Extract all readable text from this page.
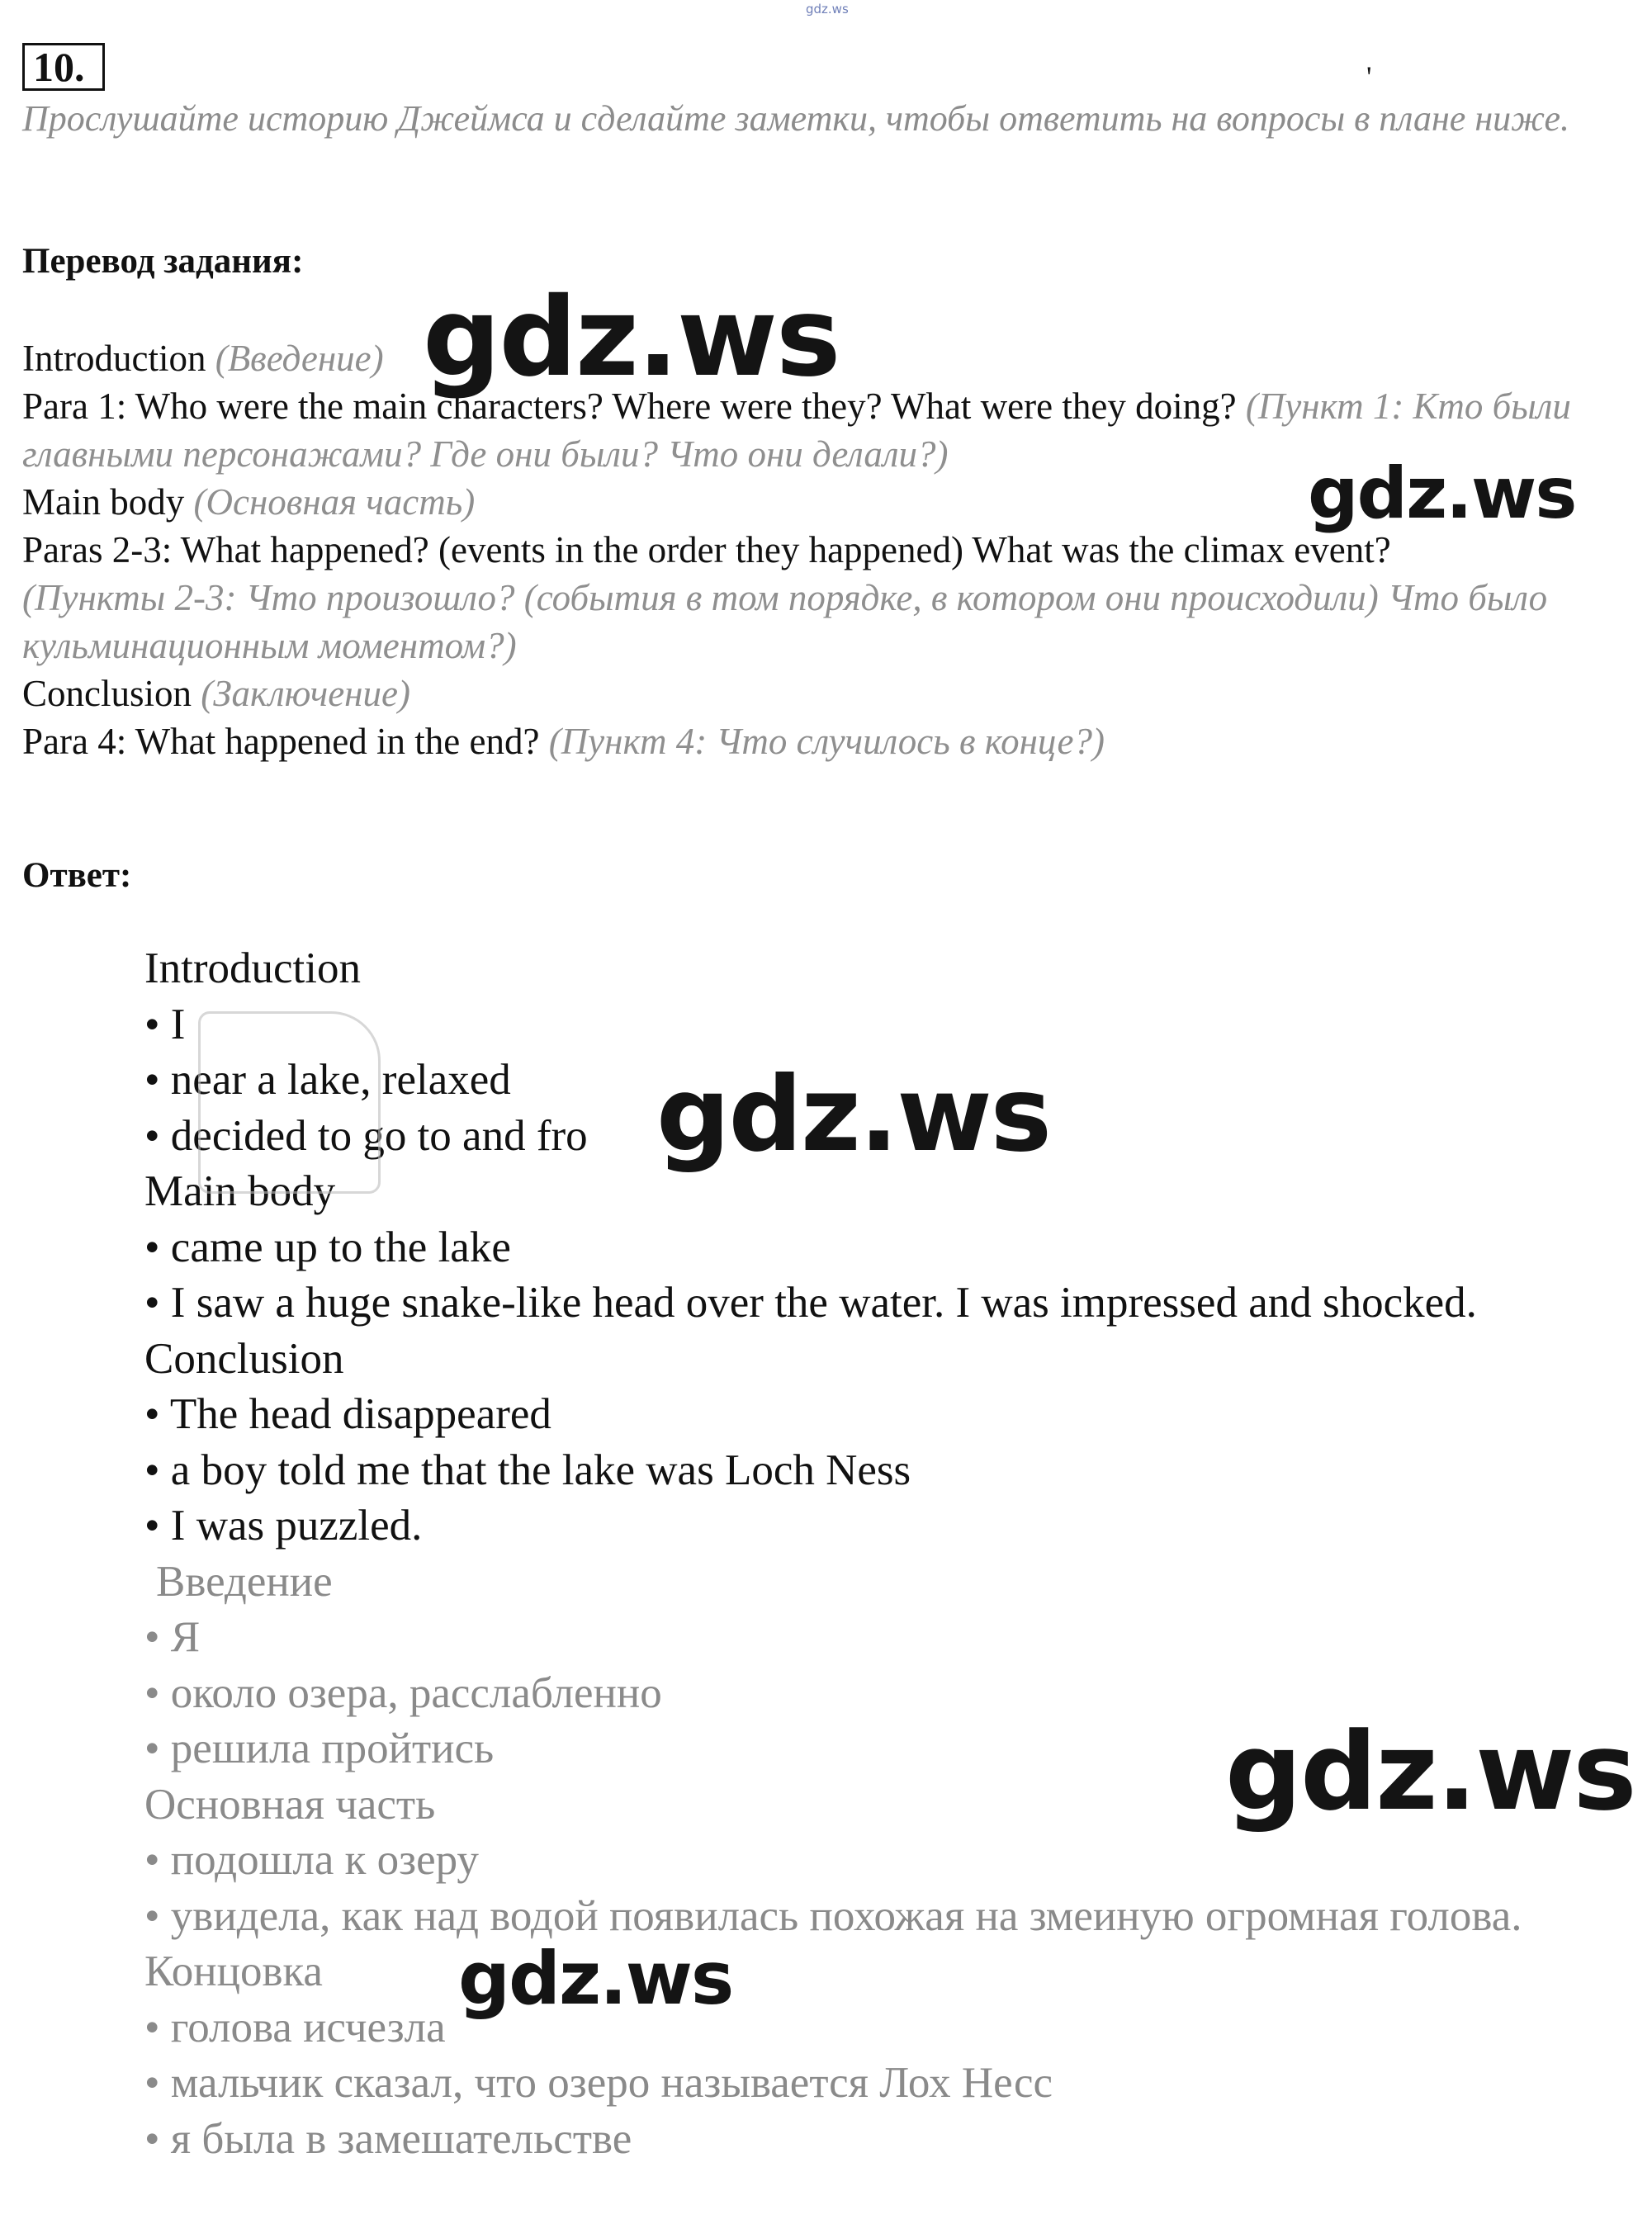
gdz.ws
10.	'
Прослушайте историю Джеймса и сделайте заметки, чтобы ответить на вопросы в плане ниже.
Перевод задания:
Introduction (Введение)
Para 1: Who were the main characters? Where were they? What were they doing? (Пункт 1: Кто были главными персонажами? Где они были? Что они делали?)
Main body (Основная часть)
Paras 2-3: What happened? (events in the order they happened) What was the climax event?
(Пункты 2-3: Что произошло? (события в том порядке, в котором они происходили) Что было кульминационным моментом?)
Conclusion (Заключение)
Para 4: What happened in the end? (Пункт 4: Что случилось в конце?)
Ответ:
Introduction
• I
• near a lake, relaxed
• decided to go to and fro
Main body
• came up to the lake
• I saw a huge snake-like head over the water. I was impressed and shocked.
Conclusion
• The head disappeared
• a boy told me that the lake was Loch Ness
• I was puzzled.
Введение
• Я
• около озера, расслабленно
• решила пройтись
Основная часть
• подошла к озеру
• увидела, как над водой появилась похожая на змеиную огромная голова.
Концовка
• голова исчезла
• мальчик сказал, что озеро называется Лох Несс
• я была в замешательстве
gdz.ws
gdz.ws
gdz.ws
gdz.ws
gdz.ws
